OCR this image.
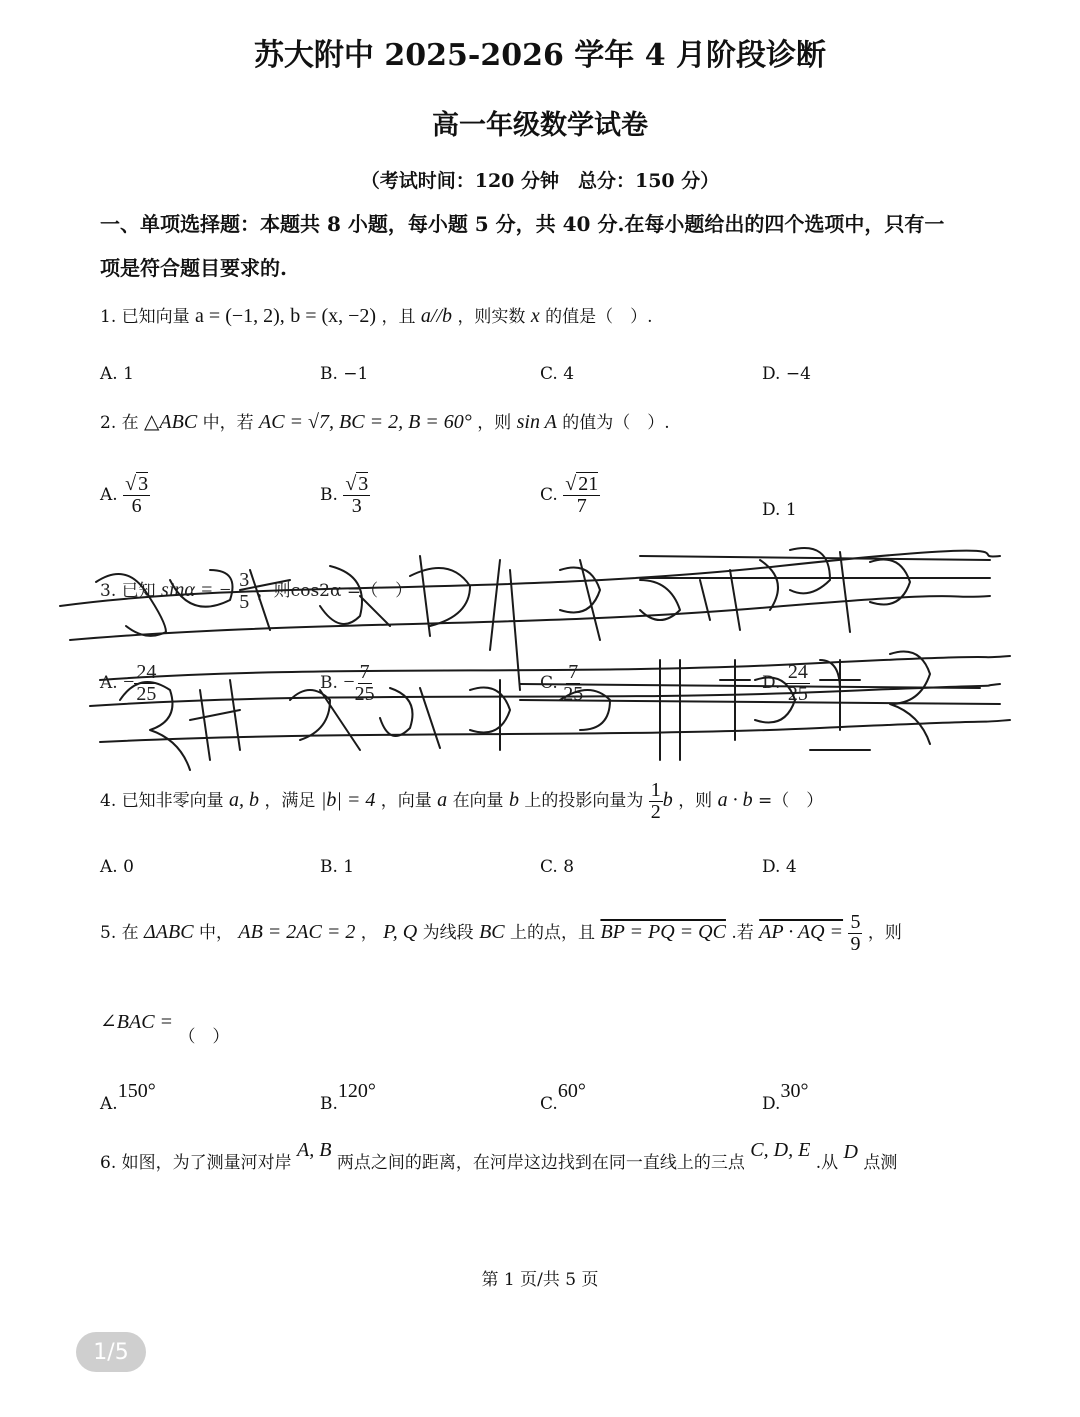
苏大附中 2025-2026 学年 4 月阶段诊断
高一年级数学试卷
（考试时间：120 分钟　总分：150 分）
一、单项选择题：本题共 8 小题，每小题 5 分，共 40 分.在每小题给出的四个选项中，只有一
项是符合题目要求的.
1. 已知向量 a = (−1, 2), b = (x, −2) ，且 a//b ，则实数 x 的值是（　）.
A. 1	B. −1	C. 4	D. −4
2. 在 △ABC 中，若 AC = √7, BC = 2, B = 60° ，则 sin A 的值为（　）.
A. $\frac{√ 3}{6}$	B. $\frac{√ 3}{3}$	C. $\frac{√ 21}{7}$	D. 1
3. 已知 sinα = − $\frac{3}{5}$ ，则cos2α =（　）
A. − $\frac{24}{25}$	B. − $\frac{7}{25}$	C. $\frac{7}{25}$	D. $\frac{24}{25}$
4. 已知非零向量 a, b ，满足 |b| = 4 ，向量 a 在向量 b 上的投影向量为 $\frac{1}{2}$ b ，则 a · b =（　）
A. 0	B. 1	C. 8	D. 4
5. 在 ΔABC 中， AB = 2AC = 2 ， P, Q 为线段 BC 上的点，且 BP = PQ = QC .若 AP · AQ = $\frac{5}{9}$ ，则
∠BAC = （　）
A.150°
B.120°
C.60°
D.30°
6. 如图，为了测量河对岸 A, B 两点之间的距离，在河岸这边找到在同一直线上的三点 C, D, E .从 D 点测
第 1 页/共 5 页
1/5
